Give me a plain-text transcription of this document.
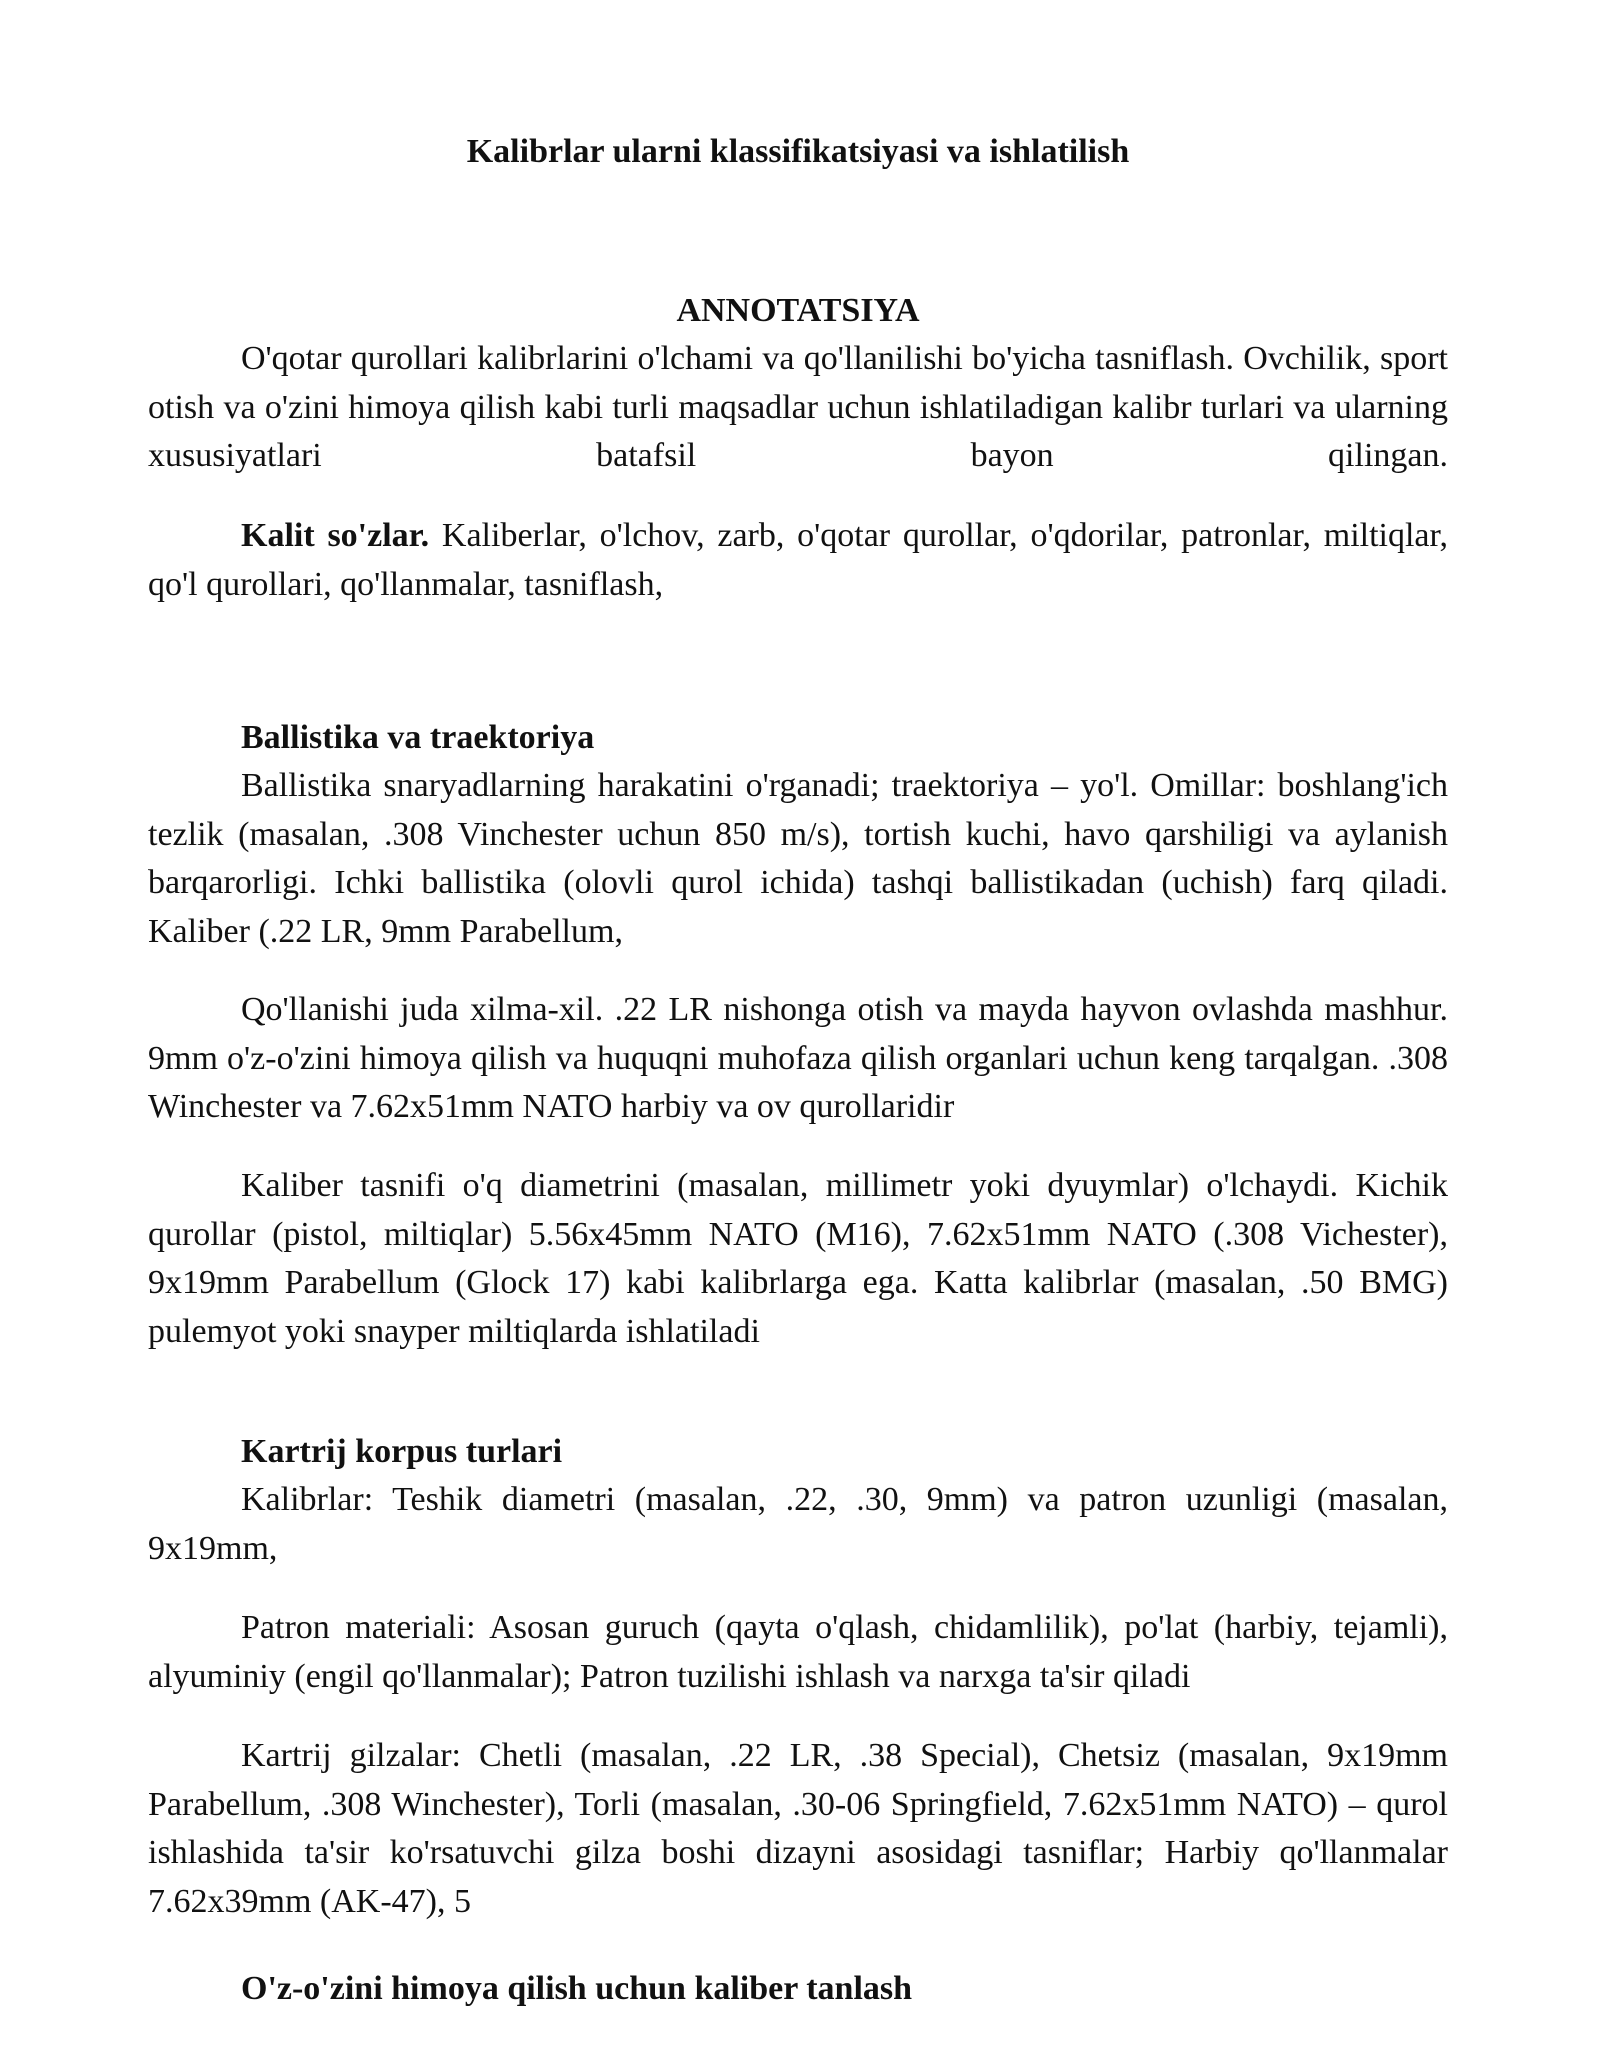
Kalibrlar ularni klassifikatsiyasi va ishlatilish
ANNOTATSIYA

O'qotar qurollari kalibrlarini o'lchami va qo'llanilishi bo'yicha tasniflash. Ovchilik, sport otish va o'zini himoya qilish kabi turli maqsadlar uchun ishlatiladigan kalibr turlari va ularning xususiyatlari batafsil bayon qilingan.

Kalit so'zlar. Kaliberlar, o'lchov, zarb, o'qotar qurollar, o'qdorilar, patronlar, miltiqlar, qo'l qurollari, qo'llanmalar, tasniflash,

Ballistika va traektoriya

Ballistika snaryadlarning harakatini o'rganadi; traektoriya – yo'l. Omillar: boshlang'ich tezlik (masalan, .308 Vinchester uchun 850 m/s), tortish kuchi, havo qarshiligi va aylanish barqarorligi. Ichki ballistika (olovli qurol ichida) tashqi ballistikadan (uchish) farq qiladi. Kaliber (.22 LR, 9mm Parabellum,

Qo'llanishi juda xilma-xil. .22 LR nishonga otish va mayda hayvon ovlashda mashhur. 9mm o'z-o'zini himoya qilish va huquqni muhofaza qilish organlari uchun keng tarqalgan. .308 Winchester va 7.62x51mm NATO harbiy va ov qurollaridir

Kaliber tasnifi o'q diametrini (masalan, millimetr yoki dyuymlar) o'lchaydi. Kichik qurollar (pistol, miltiqlar) 5.56x45mm NATO (M16), 7.62x51mm NATO (.308 Vichester), 9x19mm Parabellum (Glock 17) kabi kalibrlarga ega. Katta kalibrlar (masalan, .50 BMG) pulemyot yoki snayper miltiqlarda ishlatiladi

Kartrij korpus turlari

Kalibrlar: Teshik diametri (masalan, .22, .30, 9mm) va patron uzunligi (masalan, 9x19mm,

Patron materiali: Asosan guruch (qayta o'qlash, chidamlilik), po'lat (harbiy, tejamli), alyuminiy (engil qo'llanmalar); Patron tuzilishi ishlash va narxga ta'sir qiladi

Kartrij gilzalar: Chetli (masalan, .22 LR, .38 Special), Chetsiz (masalan, 9x19mm Parabellum, .308 Winchester), Torli (masalan, .30-06 Springfield, 7.62x51mm NATO) – qurol ishlashida ta'sir ko'rsatuvchi gilza boshi dizayni asosidagi tasniflar; Harbiy qo'llanmalar 7.62x39mm (AK-47), 5

O'z-o'zini himoya qilish uchun kaliber tanlash
